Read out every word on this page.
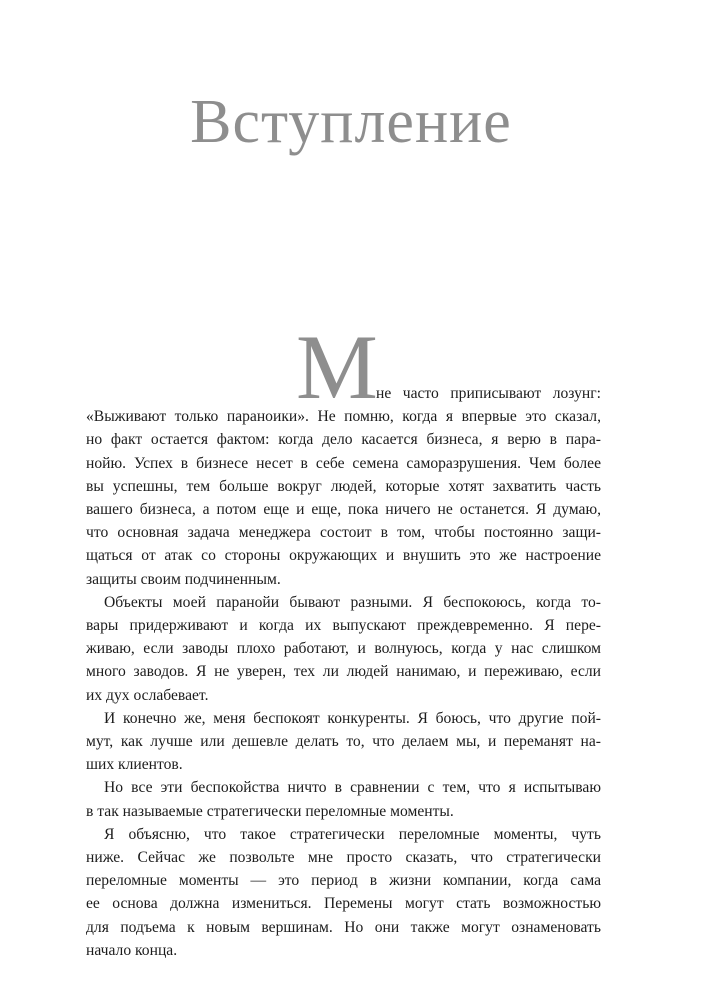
Вступление
М
не часто приписывают лозунг:
«Выживают только параноики». Не помню, когда я впервые это сказал,
но факт остается фактом: когда дело касается бизнеса, я верю в пара-
нойю. Успех в бизнесе несет в себе семена саморазрушения. Чем более
вы успешны, тем больше вокруг людей, которые хотят захватить часть
вашего бизнеса, а потом еще и еще, пока ничего не останется. Я думаю,
что основная задача менеджера состоит в том, чтобы постоянно защи-
щаться от атак со стороны окружающих и внушить это же настроение
защиты своим подчиненным.
Объекты моей паранойи бывают разными. Я беспокоюсь, когда то-
вары придерживают и когда их выпускают преждевременно. Я пере-
живаю, если заводы плохо работают, и волнуюсь, когда у нас слишком
много заводов. Я не уверен, тех ли людей нанимаю, и переживаю, если
их дух ослабевает.
И конечно же, меня беспокоят конкуренты. Я боюсь, что другие пой-
мут, как лучше или дешевле делать то, что делаем мы, и переманят на-
ших клиентов.
Но все эти беспокойства ничто в сравнении с тем, что я испытываю
в так называемые стратегически переломные моменты.
Я объясню, что такое стратегически переломные моменты, чуть
ниже. Сейчас же позвольте мне просто сказать, что стратегически
переломные моменты — это период в жизни компании, когда сама
ее основа должна измениться. Перемены могут стать возможностью
для подъема к новым вершинам. Но они также могут ознаменовать
начало конца.
